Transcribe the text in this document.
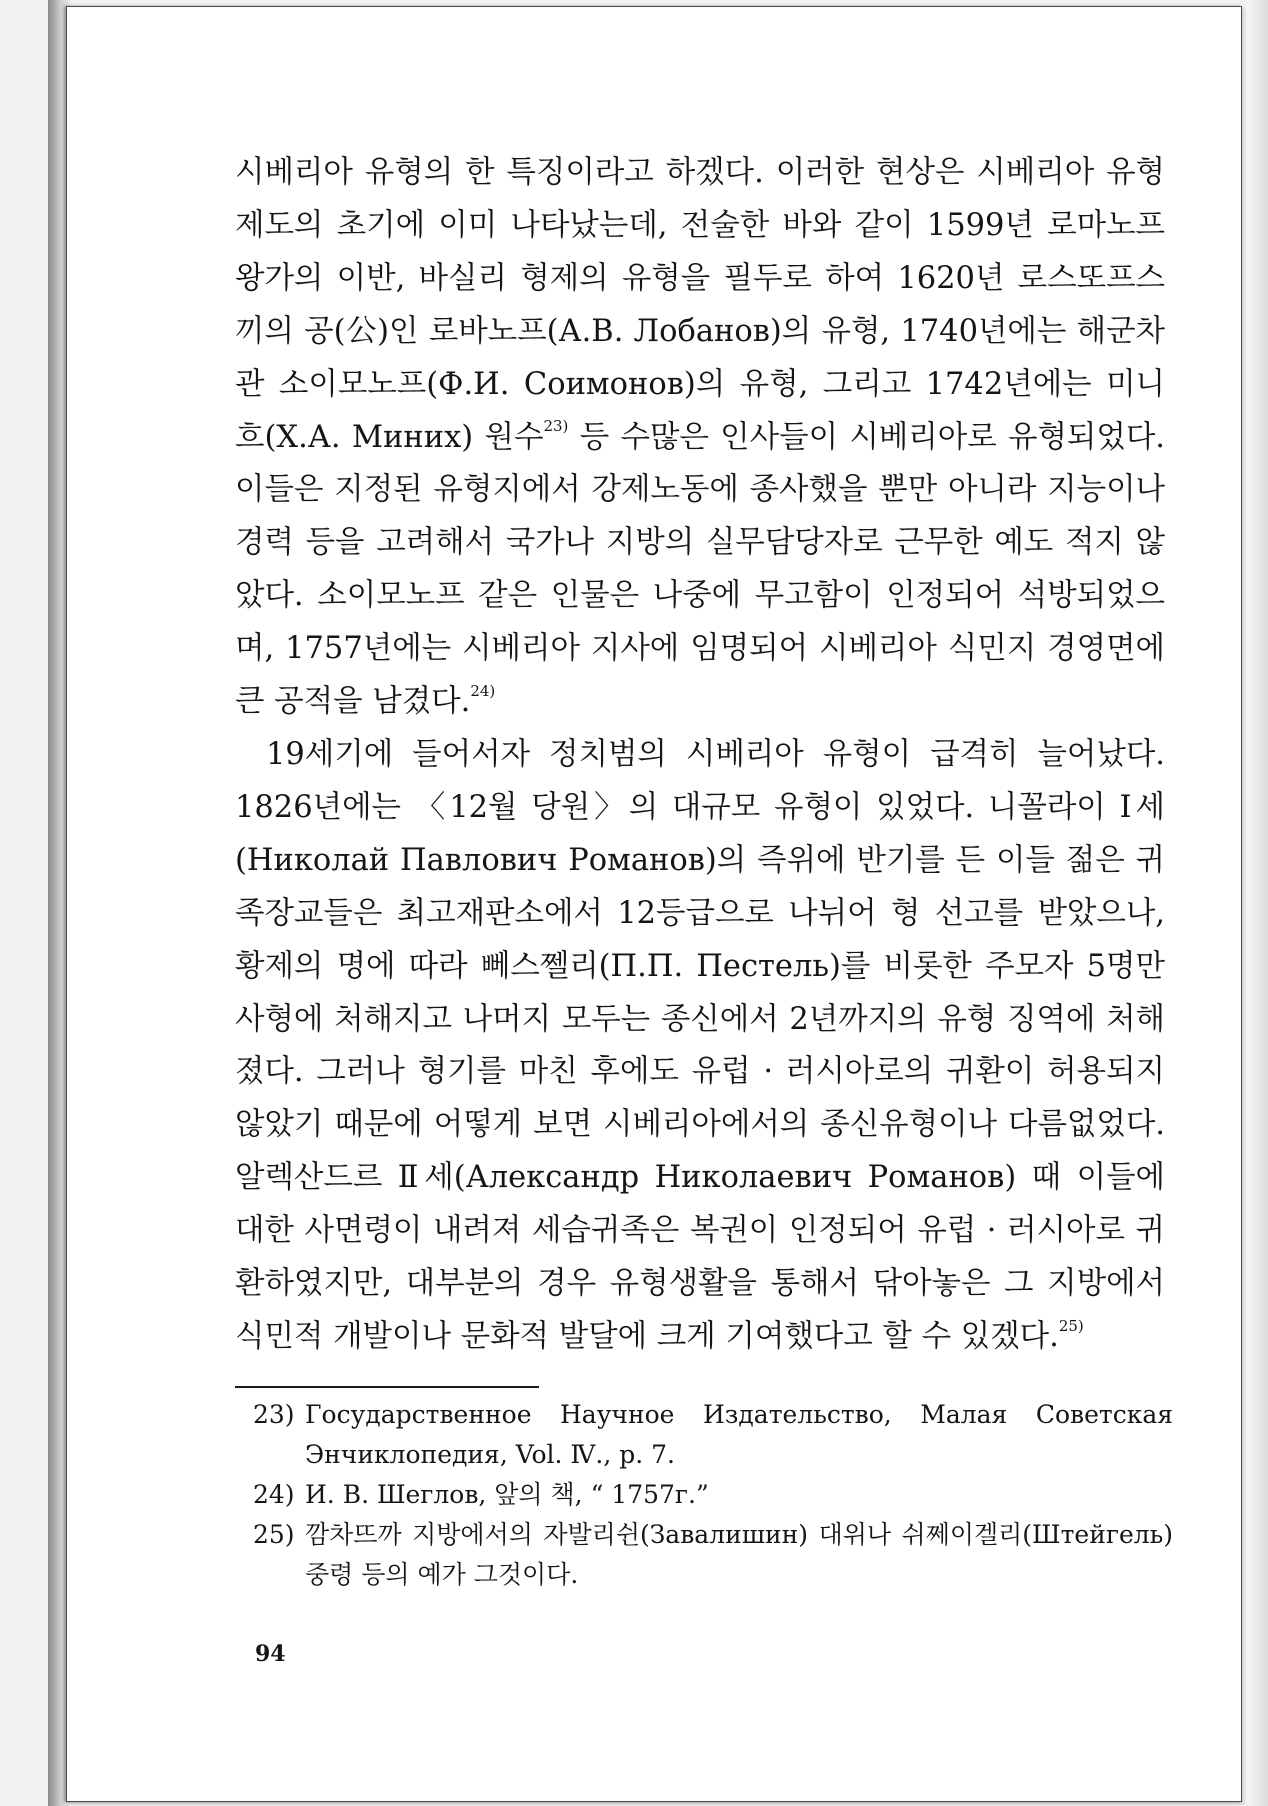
시베리아 유형의 한 특징이라고 하겠다. 이러한 현상은 시베리아 유형제도의 초기에 이미 나타났는데, 전술한 바와 같이 1599년 로마노프 왕가의 이반, 바실리 형제의 유형을 필두로 하여 1620년 로스또프스끼의 공(公)인 로바노프(А.В. Лобанов)의 유형, 1740년에는 해군차관 소이모노프(Ф.И. Соимонов)의 유형, 그리고 1742년에는 미니흐(Х.А. Миних) 원수$^{23)}$ 등 수많은 인사들이 시베리아로 유형되었다. 이들은 지정된 유형지에서 강제노동에 종사했을 뿐만 아니라 지능이나 경력 등을 고려해서 국가나 지방의 실무담당자로 근무한 예도 적지 않았다. 소이모노프 같은 인물은 나중에 무고함이 인정되어 석방되었으며, 1757년에는 시베리아 지사에 임명되어 시베리아 식민지 경영면에 큰 공적을 남겼다.$^{24)}$

19세기에 들어서자 정치범의 시베리아 유형이 급격히 늘어났다. 1826년에는 〈12월 당원〉의 대규모 유형이 있었다. 니꼴라이 Ⅰ세(Николай Павлович Романов)의 즉위에 반기를 든 이들 젊은 귀족장교들은 최고재판소에서 12등급으로 나뉘어 형 선고를 받았으나, 황제의 명에 따라 뻬스쩰리(П.П. Пестель)를 비롯한 주모자 5명만 사형에 처해지고 나머지 모두는 종신에서 2년까지의 유형 징역에 처해졌다. 그러나 형기를 마친 후에도 유럽 · 러시아로의 귀환이 허용되지 않았기 때문에 어떻게 보면 시베리아에서의 종신유형이나 다름없었다. 알렉산드르 Ⅱ세(Александр Николаевич Романов) 때 이들에 대한 사면령이 내려져 세습귀족은 복권이 인정되어 유럽 · 러시아로 귀환하였지만, 대부분의 경우 유형생활을 통해서 닦아놓은 그 지방에서 식민적 개발이나 문화적 발달에 크게 기여했다고 할 수 있겠다.$^{25)}$

23) Государственное Научное Издательство, Малая Советская Энчиклопедия, Vol. Ⅳ., p. 7.
24) И. В. Шеглов, 앞의 책, “ 1757г.”
25) 깜차뜨까 지방에서의 자발리쉰(Завалишин) 대위나 쉬쩨이겔리(Штейгель) 중령 등의 예가 그것이다.
94
